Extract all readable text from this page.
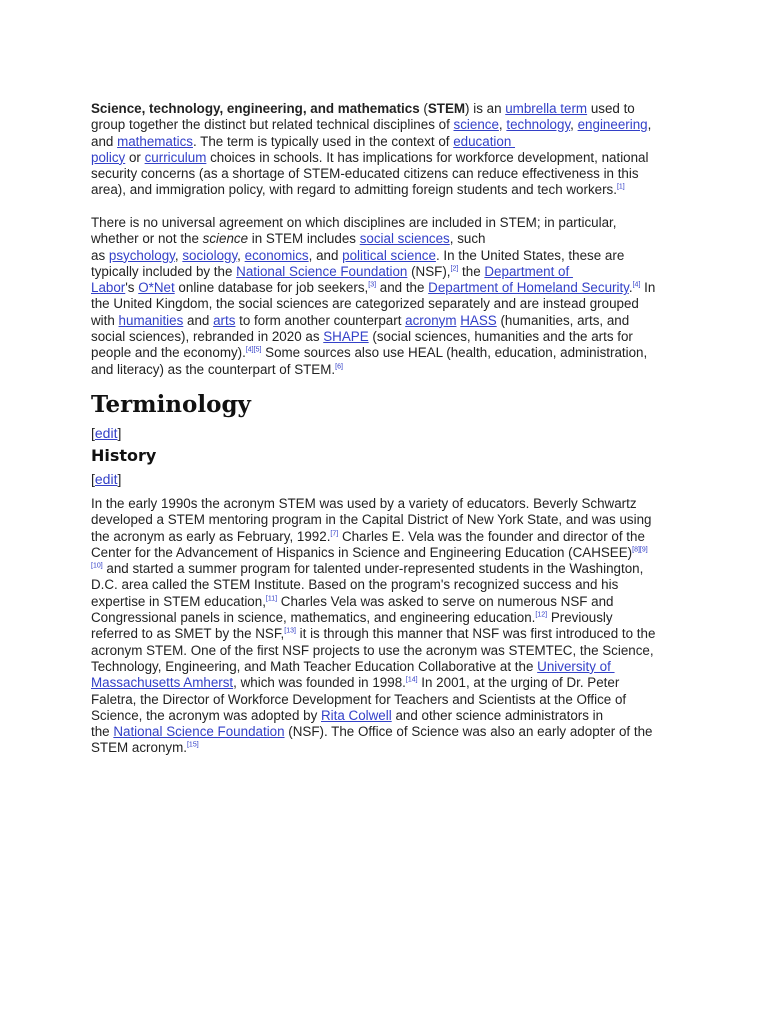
Science, technology, engineering, and mathematics (STEM) is an umbrella term used to
group together the distinct but related technical disciplines of science, technology, engineering,
and mathematics. The term is typically used in the context of education
policy or curriculum choices in schools. It has implications for workforce development, national
security concerns (as a shortage of STEM-educated citizens can reduce effectiveness in this
area), and immigration policy, with regard to admitting foreign students and tech workers.[1]
There is no universal agreement on which disciplines are included in STEM; in particular,
whether or not the science in STEM includes social sciences, such
as psychology, sociology, economics, and political science. In the United States, these are
typically included by the National Science Foundation (NSF),[2] the Department of
Labor's O*Net online database for job seekers,[3] and the Department of Homeland Security.[4] In
the United Kingdom, the social sciences are categorized separately and are instead grouped
with humanities and arts to form another counterpart acronym HASS (humanities, arts, and
social sciences), rebranded in 2020 as SHAPE (social sciences, humanities and the arts for
people and the economy).[4][5] Some sources also use HEAL (health, education, administration,
and literacy) as the counterpart of STEM.[6]
Terminology
[edit]
History
[edit]
In the early 1990s the acronym STEM was used by a variety of educators. Beverly Schwartz
developed a STEM mentoring program in the Capital District of New York State, and was using
the acronym as early as February, 1992.[7] Charles E. Vela was the founder and director of the
Center for the Advancement of Hispanics in Science and Engineering Education (CAHSEE)[8][9]
[10] and started a summer program for talented under-represented students in the Washington,
D.C. area called the STEM Institute. Based on the program's recognized success and his
expertise in STEM education,[11] Charles Vela was asked to serve on numerous NSF and
Congressional panels in science, mathematics, and engineering education.[12] Previously
referred to as SMET by the NSF,[13] it is through this manner that NSF was first introduced to the
acronym STEM. One of the first NSF projects to use the acronym was STEMTEC, the Science,
Technology, Engineering, and Math Teacher Education Collaborative at the University of
Massachusetts Amherst, which was founded in 1998.[14] In 2001, at the urging of Dr. Peter
Faletra, the Director of Workforce Development for Teachers and Scientists at the Office of
Science, the acronym was adopted by Rita Colwell and other science administrators in
the National Science Foundation (NSF). The Office of Science was also an early adopter of the
STEM acronym.[15]
